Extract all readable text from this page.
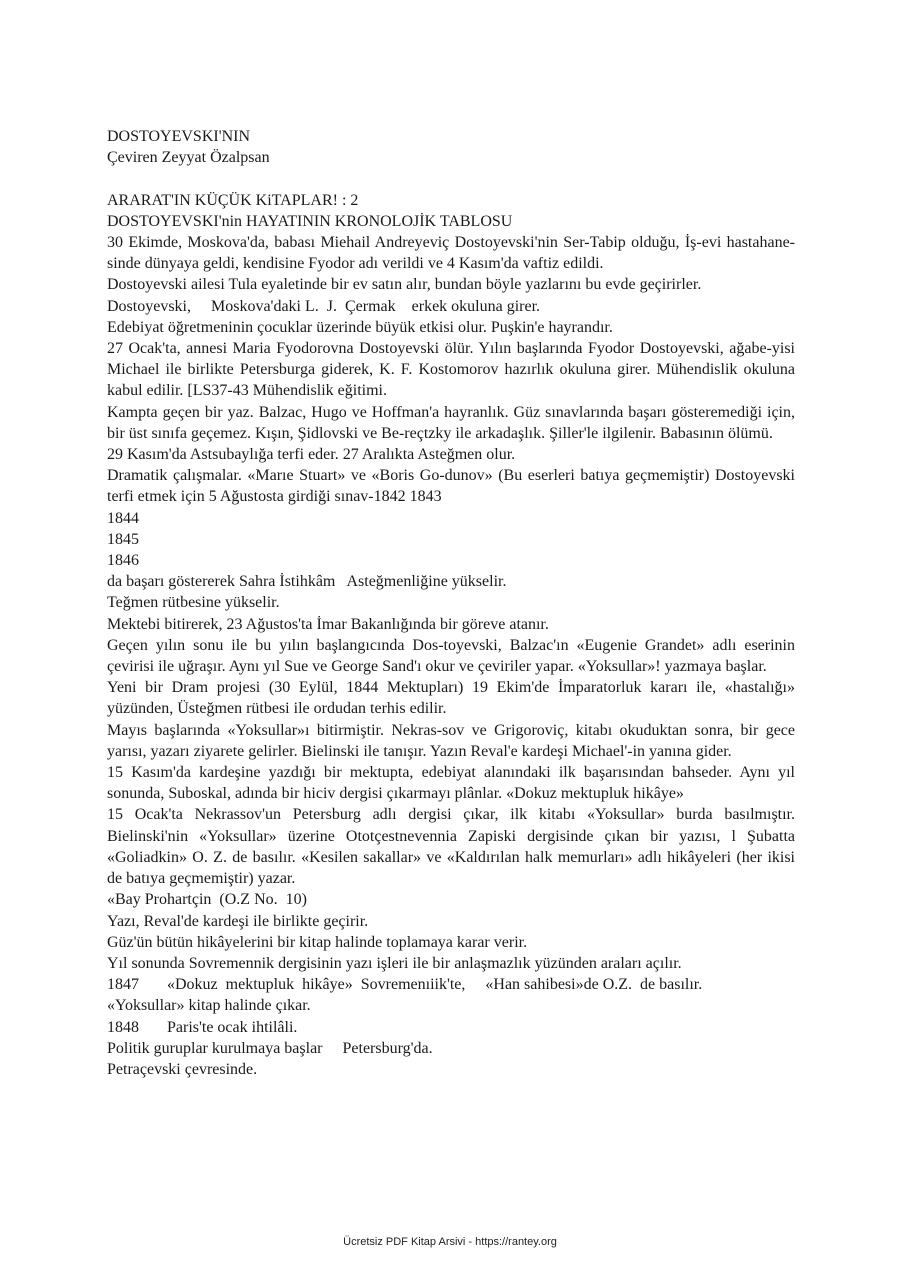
DOSTOYEVSKI'NIN
Çeviren Zeyyat Özalpsan
ARARAT'IN KÜÇÜK KiTAPLAR! : 2
DOSTOYEVSKI'nin HAYATININ KRONOLOJİK TABLOSU
30 Ekimde, Moskova'da, babası Miehail Andreyeviç Dostoyevski'nin Ser-Tabip olduğu, İş-evi hastahane-sinde dünyaya geldi, kendisine Fyodor adı verildi ve 4 Kasım'da vaftiz edildi.
Dostoyevski ailesi Tula eyaletinde bir ev satın alır, bundan böyle yazlarını bu evde geçirirler.
Dostoyevski,     Moskova'daki L.  J.  Çermak    erkek okuluna girer.
Edebiyat öğretmeninin çocuklar üzerinde büyük etkisi olur. Puşkin'e hayrandır.
27 Ocak'ta, annesi Maria Fyodorovna Dostoyevski ölür. Yılın başlarında Fyodor Dostoyevski, ağabe-yisi Michael ile birlikte Petersburga giderek, K. F. Kostomorov hazırlık okuluna girer. Mühendislik okuluna kabul edilir. [LS37-43 Mühendislik eğitimi.
Kampta geçen bir yaz. Balzac, Hugo ve Hoffman'a hayranlık. Güz sınavlarında başarı gösteremediği için, bir üst sınıfa geçemez. Kışın, Şidlovski ve Be-reçtzky ile arkadaşlık. Şiller'le ilgilenir. Babasının ölümü.
29 Kasım'da Astsubaylığa terfi eder. 27 Aralıkta Asteğmen olur.
Dramatik çalışmalar. «Marıe Stuart» ve «Boris Go-dunov» (Bu eserleri batıya geçmemiştir) Dostoyevski terfi etmek için 5 Ağustosta girdiği sınav-1842 1843
1844
1845
1846
da başarı göstererek Sahra İstihkâm   Asteğmenliğine yükselir.
Teğmen rütbesine yükselir.
Mektebi bitirerek, 23 Ağustos'ta İmar Bakanlığında bir göreve atanır.
Geçen yılın sonu ile bu yılın başlangıcında Dos-toyevski, Balzac'ın «Eugenie Grandet» adlı eserinin çevirisi ile uğraşır. Aynı yıl Sue ve George Sand'ı okur ve çeviriler yapar. «Yoksullar»! yazmaya başlar.
Yeni bir Dram projesi (30 Eylül, 1844 Mektupları) 19 Ekim'de İmparatorluk kararı ile, «hastalığı» yüzünden, Üsteğmen rütbesi ile ordudan terhis edilir.
Mayıs başlarında «Yoksullar»ı bitirmiştir. Nekras-sov ve Grigoroviç, kitabı okuduktan sonra, bir gece yarısı, yazarı ziyarete gelirler. Bielinski ile tanışır. Yazın Reval'e kardeşi Michael'-in yanına gider.
15 Kasım'da kardeşine yazdığı bir mektupta, edebiyat alanındaki ilk başarısından bahseder. Aynı yıl sonunda, Suboskal, adında bir hiciv dergisi çıkarmayı plânlar. «Dokuz mektupluk hikâye»
15 Ocak'ta Nekrassov'un Petersburg adlı dergisi çıkar, ilk kitabı «Yoksullar» burda basılmıştır. Bielinski'nin «Yoksullar» üzerine Ototçestnevennia Zapiski dergisinde çıkan bir yazısı, l Şubatta «Goliadkin» O. Z. de basılır. «Kesilen sakallar» ve «Kaldırılan halk memurları» adlı hikâyeleri (her ikisi de batıya geçmemiştir) yazar.
«Bay Prohartçin  (O.Z No.  10)
Yazı, Reval'de kardeşi ile birlikte geçirir.
Güz'ün bütün hikâyelerini bir kitap halinde toplamaya karar verir.
Yıl sonunda Sovremennik dergisinin yazı işleri ile bir anlaşmazlık yüzünden araları açılır.
1847       «Dokuz  mektupluk  hikâye»  Sovremenıiik'te,     «Han sahibesi»de O.Z.  de basılır.
«Yoksullar» kitap halinde çıkar.
1848       Paris'te ocak ihtilâli.
Politik guruplar kurulmaya başlar     Petersburg'da.
Petraçevski çevresinde.
Ücretsiz PDF Kitap Arsivi - https://rantey.org
